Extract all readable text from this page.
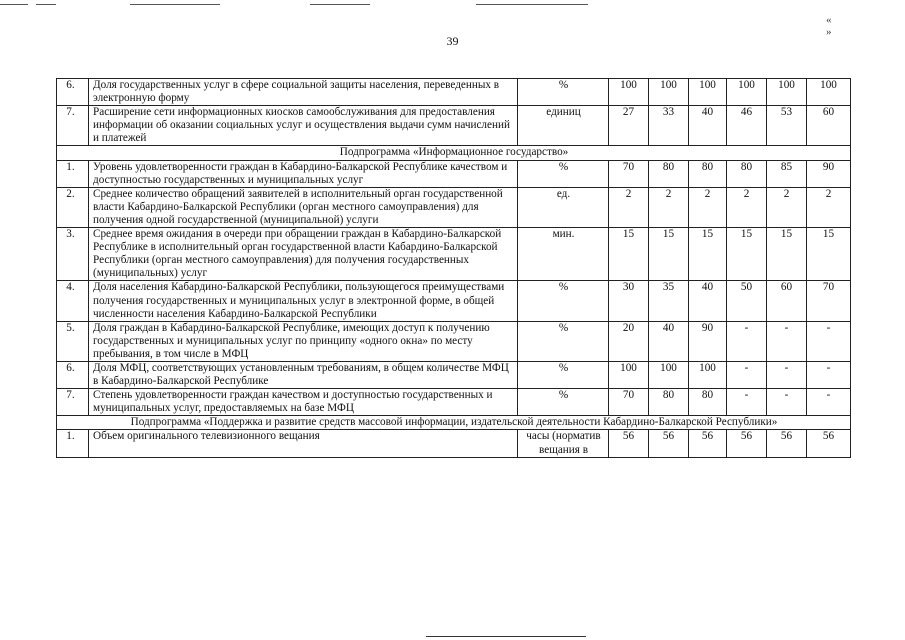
« »
39
6.	Доля государственных услуг в сфере социальной защиты населения, переведенных в электронную форму	%	100	100	100	100	100	100
7.	Расширение сети информационных киосков самообслуживания для предоставления информации об оказании социальных услуг и осуществления выдачи сумм начислений и платежей	единиц	27	33	40	46	53	60
Подпрограмма «Информационное государство»								
1.	Уровень удовлетворенности граждан в Кабардино-Балкарской Республике качеством и доступностью государственных и муниципальных услуг	%	70	80	80	80	85	90
2.	Среднее количество обращений заявителей в исполнительный орган государственной власти Кабардино-Балкарской Республики (орган местного самоуправления) для получения одной государственной (муниципальной) услуги	ед.	2	2	2	2	2	2
3.	Среднее время ожидания в очереди при обращении граждан в Кабардино-Балкарской Республике в исполнительный орган государственной власти Кабардино-Балкарской Республики (орган местного самоуправления) для получения государственных (муниципальных) услуг	мин.	15	15	15	15	15	15
4.	Доля населения Кабардино-Балкарской Республики, пользующегося преимуществами получения государственных и муниципальных услуг в электронной форме, в общей численности населения Кабардино-Балкарской Республики	%	30	35	40	50	60	70
5.	Доля граждан в Кабардино-Балкарской Республике, имеющих доступ к получению государственных и муниципальных услуг по принципу «одного окна» по месту пребывания, в том числе в МФЦ	%	20	40	90	-	-	-
6.	Доля МФЦ, соответствующих установленным требованиям, в общем количестве МФЦ в Кабардино-Балкарской Республике	%	100	100	100	-	-	-
7.	Степень удовлетворенности граждан качеством и доступностью государственных и муниципальных услуг, предоставляемых на базе МФЦ	%	70	80	80	-	-	-
Подпрограмма «Поддержка и развитие средств массовой информации, издательской деятельности Кабардино-Балкарской Республики»								
1.	Объем оригинального телевизионного вещания	часы (норматив вещания в	56	56	56	56	56	56
